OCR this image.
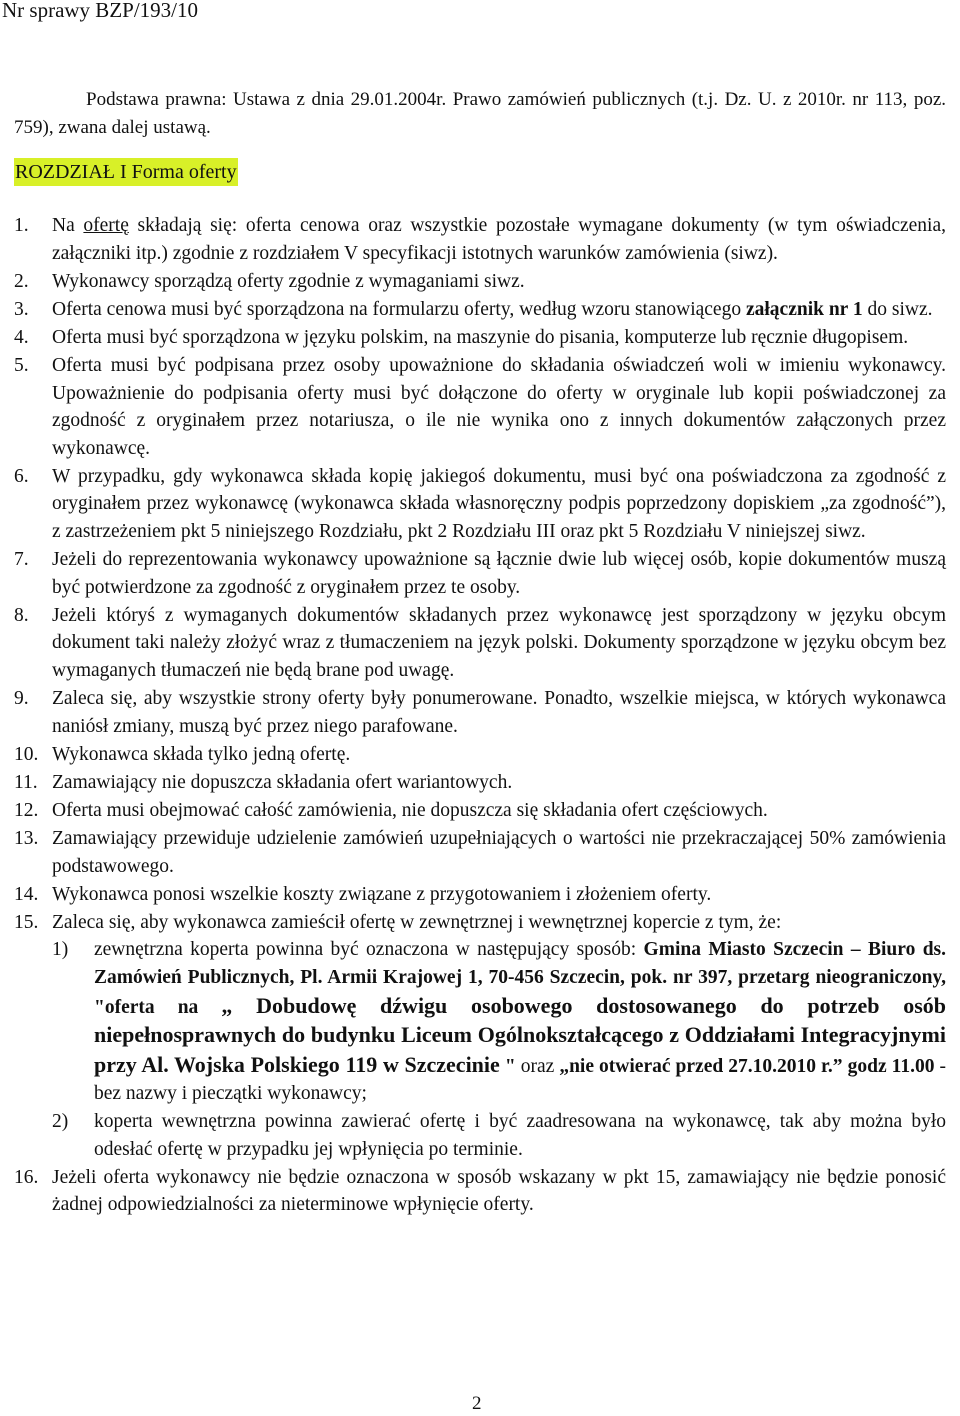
Nr sprawy BZP/193/10
Podstawa prawna: Ustawa z dnia 29.01.2004r. Prawo zamówień publicznych (t.j. Dz. U. z 2010r. nr 113, poz. 759), zwana dalej ustawą.
ROZDZIAŁ I Forma oferty
1. Na ofertę składają się: oferta cenowa oraz wszystkie pozostałe wymagane dokumenty (w tym oświadczenia, załączniki itp.) zgodnie z rozdziałem V specyfikacji istotnych warunków zamówienia (siwz).
2. Wykonawcy sporządzą oferty zgodnie z wymaganiami siwz.
3. Oferta cenowa musi być sporządzona na formularzu oferty, według wzoru stanowiącego załącznik nr 1 do siwz.
4. Oferta musi być sporządzona w języku polskim, na maszynie do pisania, komputerze lub ręcznie długopisem.
5. Oferta musi być podpisana przez osoby upoważnione do składania oświadczeń woli w imieniu wykonawcy. Upoważnienie do podpisania oferty musi być dołączone do oferty w oryginale lub kopii poświadczonej za zgodność z oryginałem przez notariusza, o ile nie wynika ono z innych dokumentów załączonych przez wykonawcę.
6. W przypadku, gdy wykonawca składa kopię jakiegoś dokumentu, musi być ona poświadczona za zgodność z oryginałem przez wykonawcę (wykonawca składa własnoręczny podpis poprzedzony dopiskiem „za zgodność”), z zastrzeżeniem pkt 5 niniejszego Rozdziału, pkt 2 Rozdziału III oraz pkt 5 Rozdziału V niniejszej siwz.
7. Jeżeli do reprezentowania wykonawcy upoważnione są łącznie dwie lub więcej osób, kopie dokumentów muszą być potwierdzone za zgodność z oryginałem przez te osoby.
8. Jeżeli któryś z wymaganych dokumentów składanych przez wykonawcę jest sporządzony w języku obcym dokument taki należy złożyć wraz z tłumaczeniem na język polski. Dokumenty sporządzone w języku obcym bez wymaganych tłumaczeń nie będą brane pod uwagę.
9. Zaleca się, aby wszystkie strony oferty były ponumerowane. Ponadto, wszelkie miejsca, w których wykonawca naniósł zmiany, muszą być przez niego parafowane.
10. Wykonawca składa tylko jedną ofertę.
11. Zamawiający nie dopuszcza składania ofert wariantowych.
12. Oferta musi obejmować całość zamówienia, nie dopuszcza się składania ofert częściowych.
13. Zamawiający przewiduje udzielenie zamówień uzupełniających o wartości nie przekraczającej 50% zamówienia podstawowego.
14. Wykonawca ponosi wszelkie koszty związane z przygotowaniem i złożeniem oferty.
15. Zaleca się, aby wykonawca zamieścił ofertę w zewnętrznej i wewnętrznej kopercie z tym, że:
1) zewnętrzna koperta powinna być oznaczona w następujący sposób: Gmina Miasto Szczecin – Biuro ds. Zamówień Publicznych, Pl. Armii Krajowej 1, 70-456 Szczecin, pok. nr 397, przetarg nieograniczony, "oferta na „ Dobudowę dźwigu osobowego dostosowanego do potrzeb osób niepełnosprawnych do budynku Liceum Ogólnokształcącego z Oddziałami Integracyjnymi przy Al. Wojska Polskiego 119 w Szczecinie " oraz „nie otwierać przed 27.10.2010 r.” godz 11.00 - bez nazwy i pieczątki wykonawcy;
2) koperta wewnętrzna powinna zawierać ofertę i być zaadresowana na wykonawcę, tak aby można było odesłać ofertę w przypadku jej wpłynięcia po terminie.
16. Jeżeli oferta wykonawcy nie będzie oznaczona w sposób wskazany w pkt 15, zamawiający nie będzie ponosić żadnej odpowiedzialności za nieterminowe wpłynięcie oferty.
2
